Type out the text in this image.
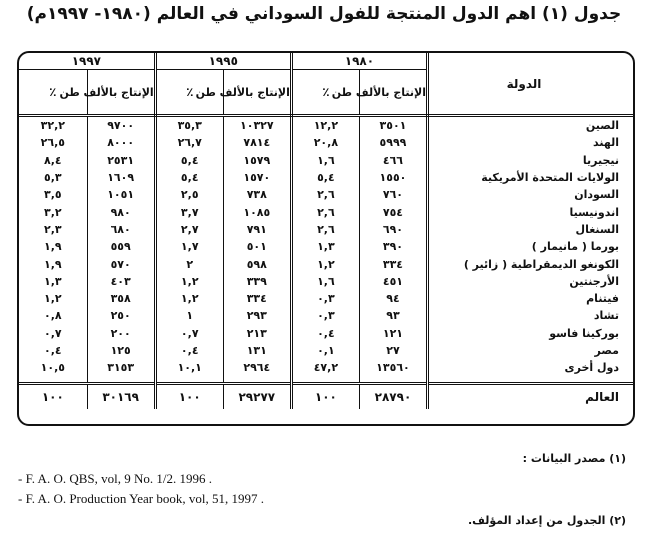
جدول (١) اهم الدول المنتجة للفول السوداني في العالم (١٩٨٠- ١٩٩٧م)
الدولة	١٩٨٠		١٩٩٥		١٩٩٧	
	الإنتاج بالألف طن	٪	الإنتاج بالألف طن	٪	الإنتاج بالألف طن	٪
الصين	٣٥٠١	١٢,٢	١٠٣٢٧	٣٥,٣	٩٧٠٠	٣٢,٢
الهند	٥٩٩٩	٢٠,٨	٧٨١٤	٢٦,٧	٨٠٠٠	٢٦,٥
نيجيريا	٤٦٦	١,٦	١٥٧٩	٥,٤	٢٥٣١	٨,٤
الولايات المتحدة الأمريكية	١٥٥٠	٥,٤	١٥٧٠	٥,٤	١٦٠٩	٥,٣
السودان	٧٦٠	٢,٦	٧٣٨	٢,٥	١٠٥١	٣,٥
اندونيسيا	٧٥٤	٢,٦	١٠٨٥	٣,٧	٩٨٠	٣,٢
السنغال	٦٩٠	٢,٦	٧٩١	٢,٧	٦٨٠	٢,٣
بورما ( مانيمار )	٣٩٠	١,٣	٥٠١	١,٧	٥٥٩	١,٩
الكونغو الديمقراطية ( زائير )	٣٣٤	١,٢	٥٩٨	٢	٥٧٠	١,٩
الأرجنتين	٤٥١	١,٦	٣٣٩	١,٢	٤٠٣	١,٣
فيتنام	٩٤	٠,٣	٣٣٤	١,٢	٣٥٨	١,٢
تشاد	٩٣	٠,٣	٢٩٣	١	٢٥٠	٠,٨
بوركينا فاسو	١٢١	٠,٤	٢١٣	٠,٧	٢٠٠	٠,٧
مصر	٢٧	٠,١	١٣١	٠,٤	١٢٥	٠,٤
دول أخرى	١٣٥٦٠	٤٧,٢	٢٩٦٤	١٠,١	٣١٥٣	١٠,٥

العالم	٢٨٧٩٠	١٠٠	٢٩٢٧٧	١٠٠	٣٠١٦٩	١٠٠
(١) مصدر البيانات :
- F. A. O. QBS, vol, 9 No. 1/2. 1996 .
- F. A. O. Production Year book, vol, 51, 1997 .
(٢) الجدول من إعداد المؤلف.
